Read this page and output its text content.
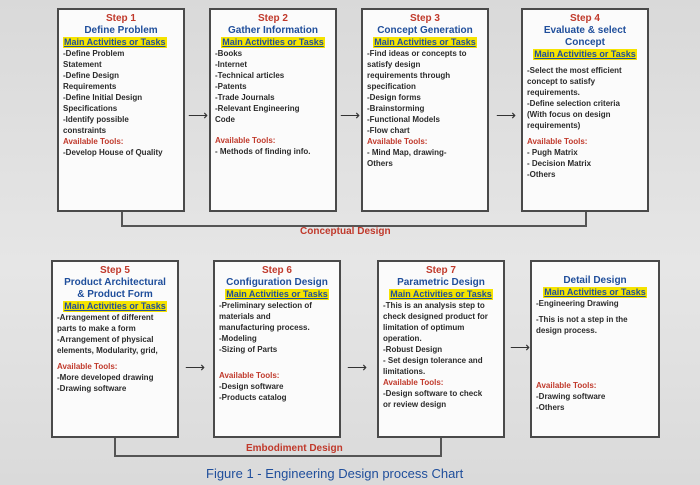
Step 1
Define Problem
Main Activities or Tasks
-Define Problem
Statement
-Define Design
Requirements
-Define Initial Design
Specifications
-Identify possible
constraints
Available Tools:
-Develop House of Quality
Step 2
Gather Information
Main Activities or Tasks
-Books
-Internet
-Technical articles
-Patents
-Trade Journals
-Relevant Engineering
Code
Available Tools:
- Methods of finding info.
Step 3
Concept Generation
Main Activities or Tasks
-Find ideas or concepts to
satisfy design
requirements through
specification
-Design forms
-Brainstorming
-Functional Models
-Flow chart
Available Tools:
- Mind Map, drawing-
Others
Step 4
Evaluate & select
Concept
Main Activities or Tasks
-Select the most efficient
concept to satisfy
requirements.
-Define selection criteria
(With focus on design
requirements)
Available Tools:
- Pugh Matrix
- Decision Matrix
-Others
⟶	⟶	⟶
Conceptual Design
Step 5
Product Architectural
& Product Form
Main Activities or Tasks
-Arrangement of different
parts to make a form
-Arrangement of physical
elements, Modularity, grid,
Available Tools:
-More developed drawing
-Drawing software
Step 6
Configuration Design
Main Activities or Tasks
-Preliminary selection of
materials and
manufacturing process.
-Modeling
-Sizing of Parts
Available Tools:
-Design software
-Products catalog
Step 7
Parametric Design
Main Activities or Tasks
-This is an analysis step to
check designed product for
limitation of optimum
operation.
-Robust Design
- Set design tolerance and
limitations.
Available Tools:
-Design software to check
or review design
Detail Design
Main Activities or Tasks
-Engineering Drawing
-This is not a step in the
design process.
Available Tools:
-Drawing software
-Others
⟶	⟶
⟶
Embodiment Design
Figure 1 - Engineering Design process Chart
